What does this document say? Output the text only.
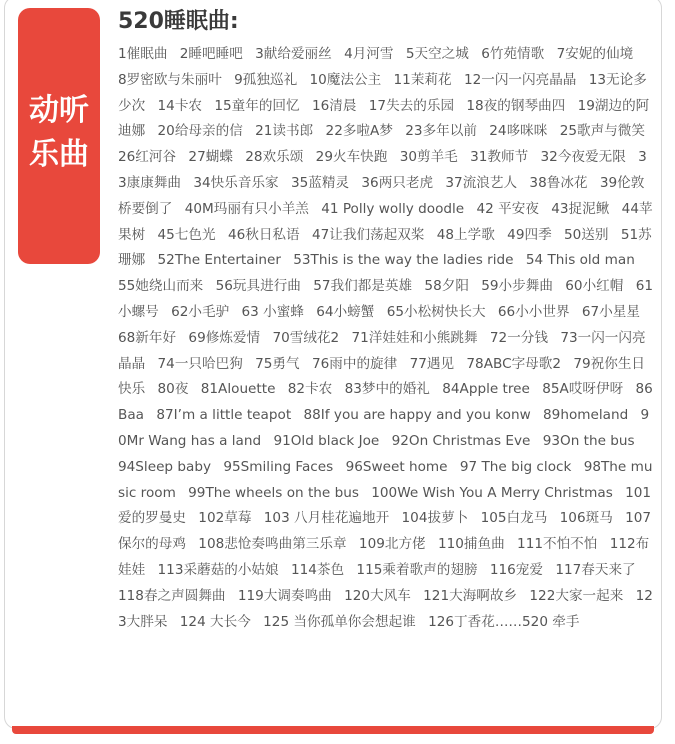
动听乐曲
520睡眠曲:
1催眠曲 2睡吧睡吧 3献给爱丽丝 4月河雪 5天空之城 6竹苑情歌 7安妮的仙境 8罗密欧与朱丽叶 9孤独巡礼 10魔法公主 11茉莉花 12一闪一闪亮晶晶 13无论多少次 14卡农 15童年的回忆 16清晨 17失去的乐园 18夜的钢琴曲四 19湖边的阿迪娜 20给母亲的信 21读书郎 22多啦A梦 23多年以前 24哆咪咪 25歌声与微笑 26红河谷 27蝴蝶 28欢乐颂 29火车快跑 30剪羊毛 31教师节 32今夜爱无限 33康康舞曲 34快乐音乐家 35蓝精灵 36两只老虎 37流浪艺人 38鲁冰花 39伦敦桥要倒了 40M玛丽有只小羊羔 41 Polly wolly doodle 42 平安夜 43捉泥鳅 44苹果树 45七色光 46秋日私语 47让我们荡起双桨 48上学歌 49四季 50送别 51苏珊娜 52The Entertainer 53This is the way the ladies ride 54 This old man 55她绕山而来 56玩具进行曲 57我们都是英雄 58夕阳 59小步舞曲 60小红帽 61小螺号 62小毛驴 63 小蜜蜂 64小螃蟹 65小松树快长大 66小小世界 67小星星 68新年好 69修炼爱情 70雪绒花2 71洋娃娃和小熊跳舞 72一分钱 73一闪一闪亮晶晶 74一只哈巴狗 75勇气 76雨中的旋律 77遇见 78ABC字母歌2 79祝你生日快乐 80夜 81Alouette 82卡农 83梦中的婚礼 84Apple tree 85A哎呀伊呀 86Baa 87I’m a little teapot 88If you are happy and you konw 89homeland 90Mr Wang has a land 91Old black Joe 92On Christmas Eve 93On the bus 94Sleep baby 95Smiling Faces 96Sweet home 97 The big clock 98The music room 99The wheels on the bus 100We Wish You A Merry Christmas 101爱的罗曼史 102草莓 103 八月桂花遍地开 104拔萝卜 105白龙马 106斑马 107保尔的母鸡 108悲怆奏鸣曲第三乐章 109北方佬 110捕鱼曲 111不怕不怕 112布娃娃 113采蘑菇的小姑娘 114茶色 115乘着歌声的翅膀 116宠爱 117春天来了 118春之声圆舞曲 119大调奏鸣曲 120大风车 121大海啊故乡 122大家一起来 123大胖呆 124 大长今 125 当你孤单你会想起谁 126丁香花……520 牵手
